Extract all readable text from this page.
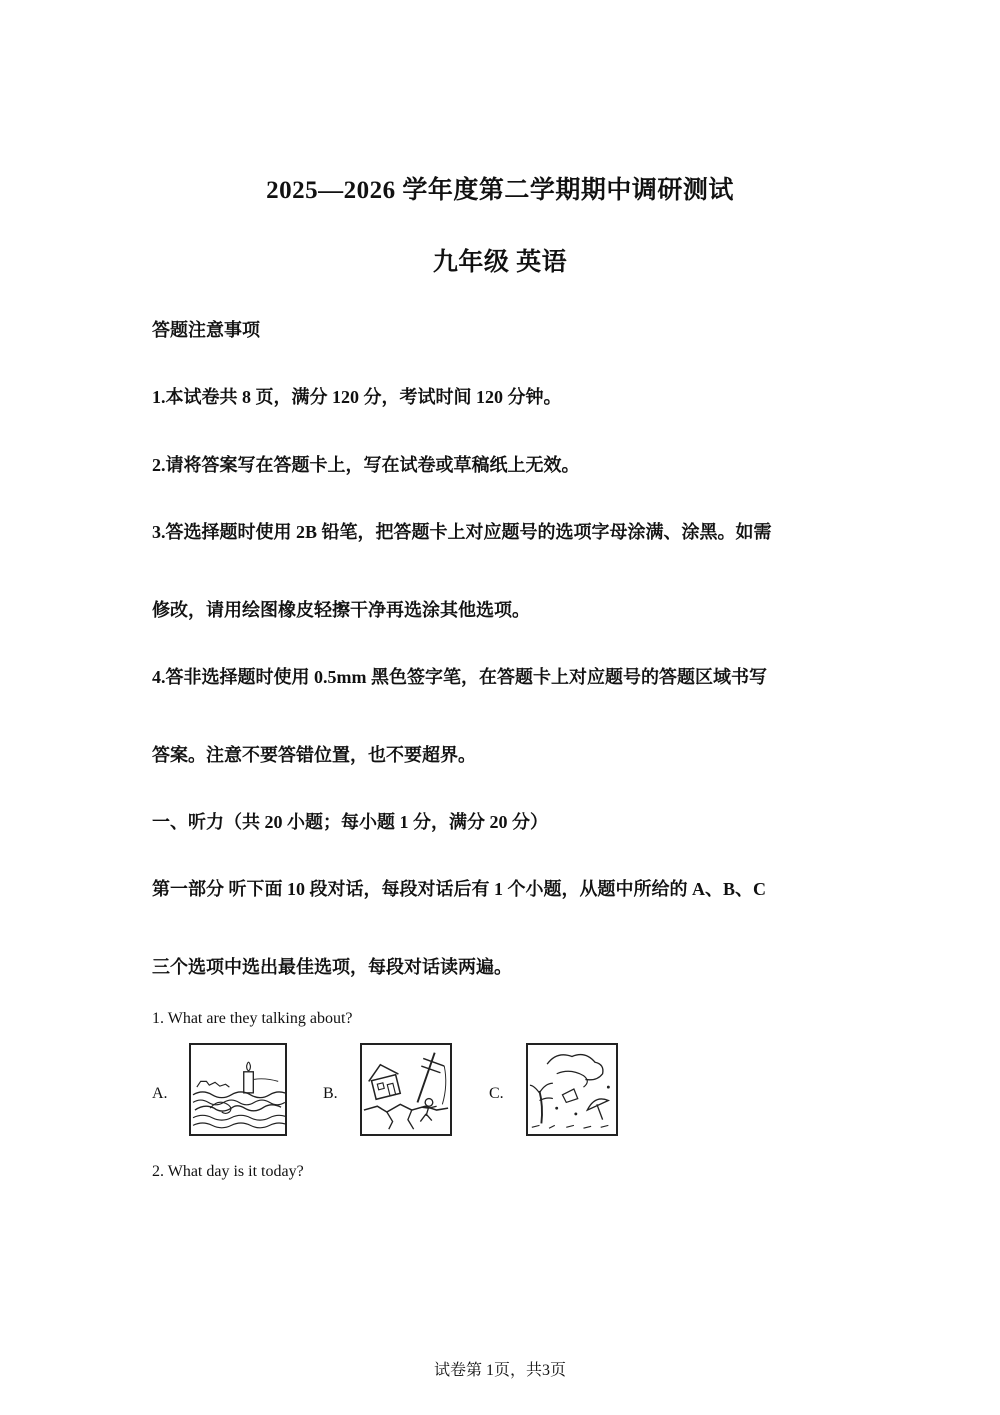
2025—2026 学年度第二学期期中调研测试
九年级 英语
答题注意事项
1.本试卷共 8 页，满分 120 分，考试时间 120 分钟。
2.请将答案写在答题卡上，写在试卷或草稿纸上无效。
3.答选择题时使用 2B 铅笔，把答题卡上对应题号的选项字母涂满、涂黑。如需
修改，请用绘图橡皮轻擦干净再选涂其他选项。
4.答非选择题时使用 0.5mm 黑色签字笔，在答题卡上对应题号的答题区域书写
答案。注意不要答错位置，也不要超界。
一、听力（共 20 小题；每小题 1 分，满分 20 分）
第一部分 听下面 10 段对话，每段对话后有 1 个小题，从题中所给的 A、B、C
三个选项中选出最佳选项，每段对话读两遍。
1. What are they talking about?
A.	B.	C.
2. What day is it today?
试卷第 1页，共3页
